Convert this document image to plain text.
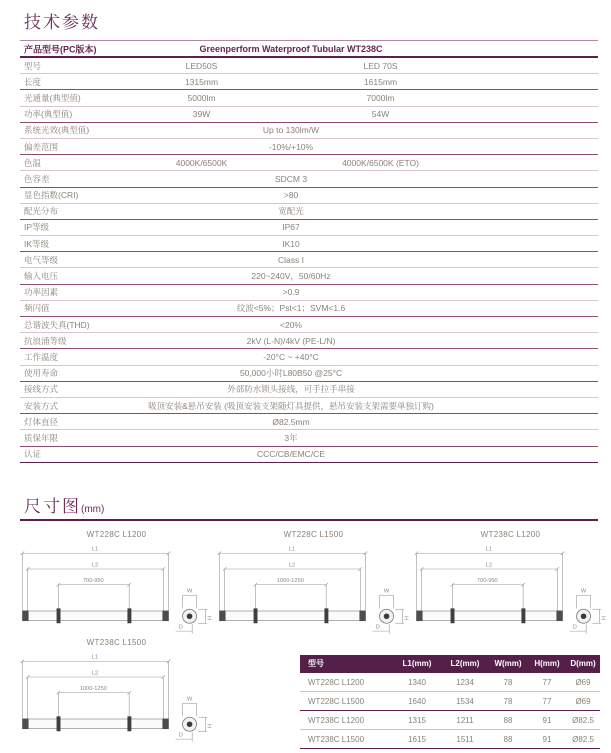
技术参数
产品型号(PC版本)	Greenperform Waterproof Tubular WT238C
型号	LED50S	LED 70S
长度	1315mm	1615mm
光通量(典型值)	5000lm	7000lm
功率(典型值)	39W	54W
系统光效(典型值)	Up to 130lm/W
偏差范围	-10%/+10%
色温	4000K/6500K	4000K/6500K (ETO)
色容差	SDCM 3
显色指数(CRI)	>80
配光分布	宽配光
IP等级	IP67
IK等级	IK10
电气等级	Class I
输入电压	220~240V，50/60Hz
功率因素	>0.9
频闪值	纹波<5%；Pst<1；SVM<1.6
总谐波失真(THD)	<20%
抗浪涌等级	2kV (L-N)/4kV (PE-L/N)
工作温度	-20°C ~ +40°C
使用寿命	50,000小时L80B50 @25°C
接线方式	外部防水锁头接线，可手拉手串接
安装方式	吸顶安装&悬吊安装 (吸顶安装支架随灯具提供，悬吊安装支架需要单独订购)
灯体直径	Ø82.5mm
质保年限	3年
认证	CCC/CB/EMC/CE
尺寸图(mm)
WT228C L1200
L1
L2
700-950
W
H
D
WT228C L1500
L1
L2
1000-1250
W
H
D
WT238C L1200
L1
L2
700-950
W
H
D
WT238C L1500
L1
L2
1000-1250
W
H
D
型号	L1(mm)	L2(mm)	W(mm)	H(mm)	D(mm)
WT228C L1200	1340	1234	78	77	Ø69
WT228C L1500	1640	1534	78	77	Ø69
WT238C L1200	1315	1211	88	91	Ø82.5
WT238C L1500	1615	1511	88	91	Ø82.5
